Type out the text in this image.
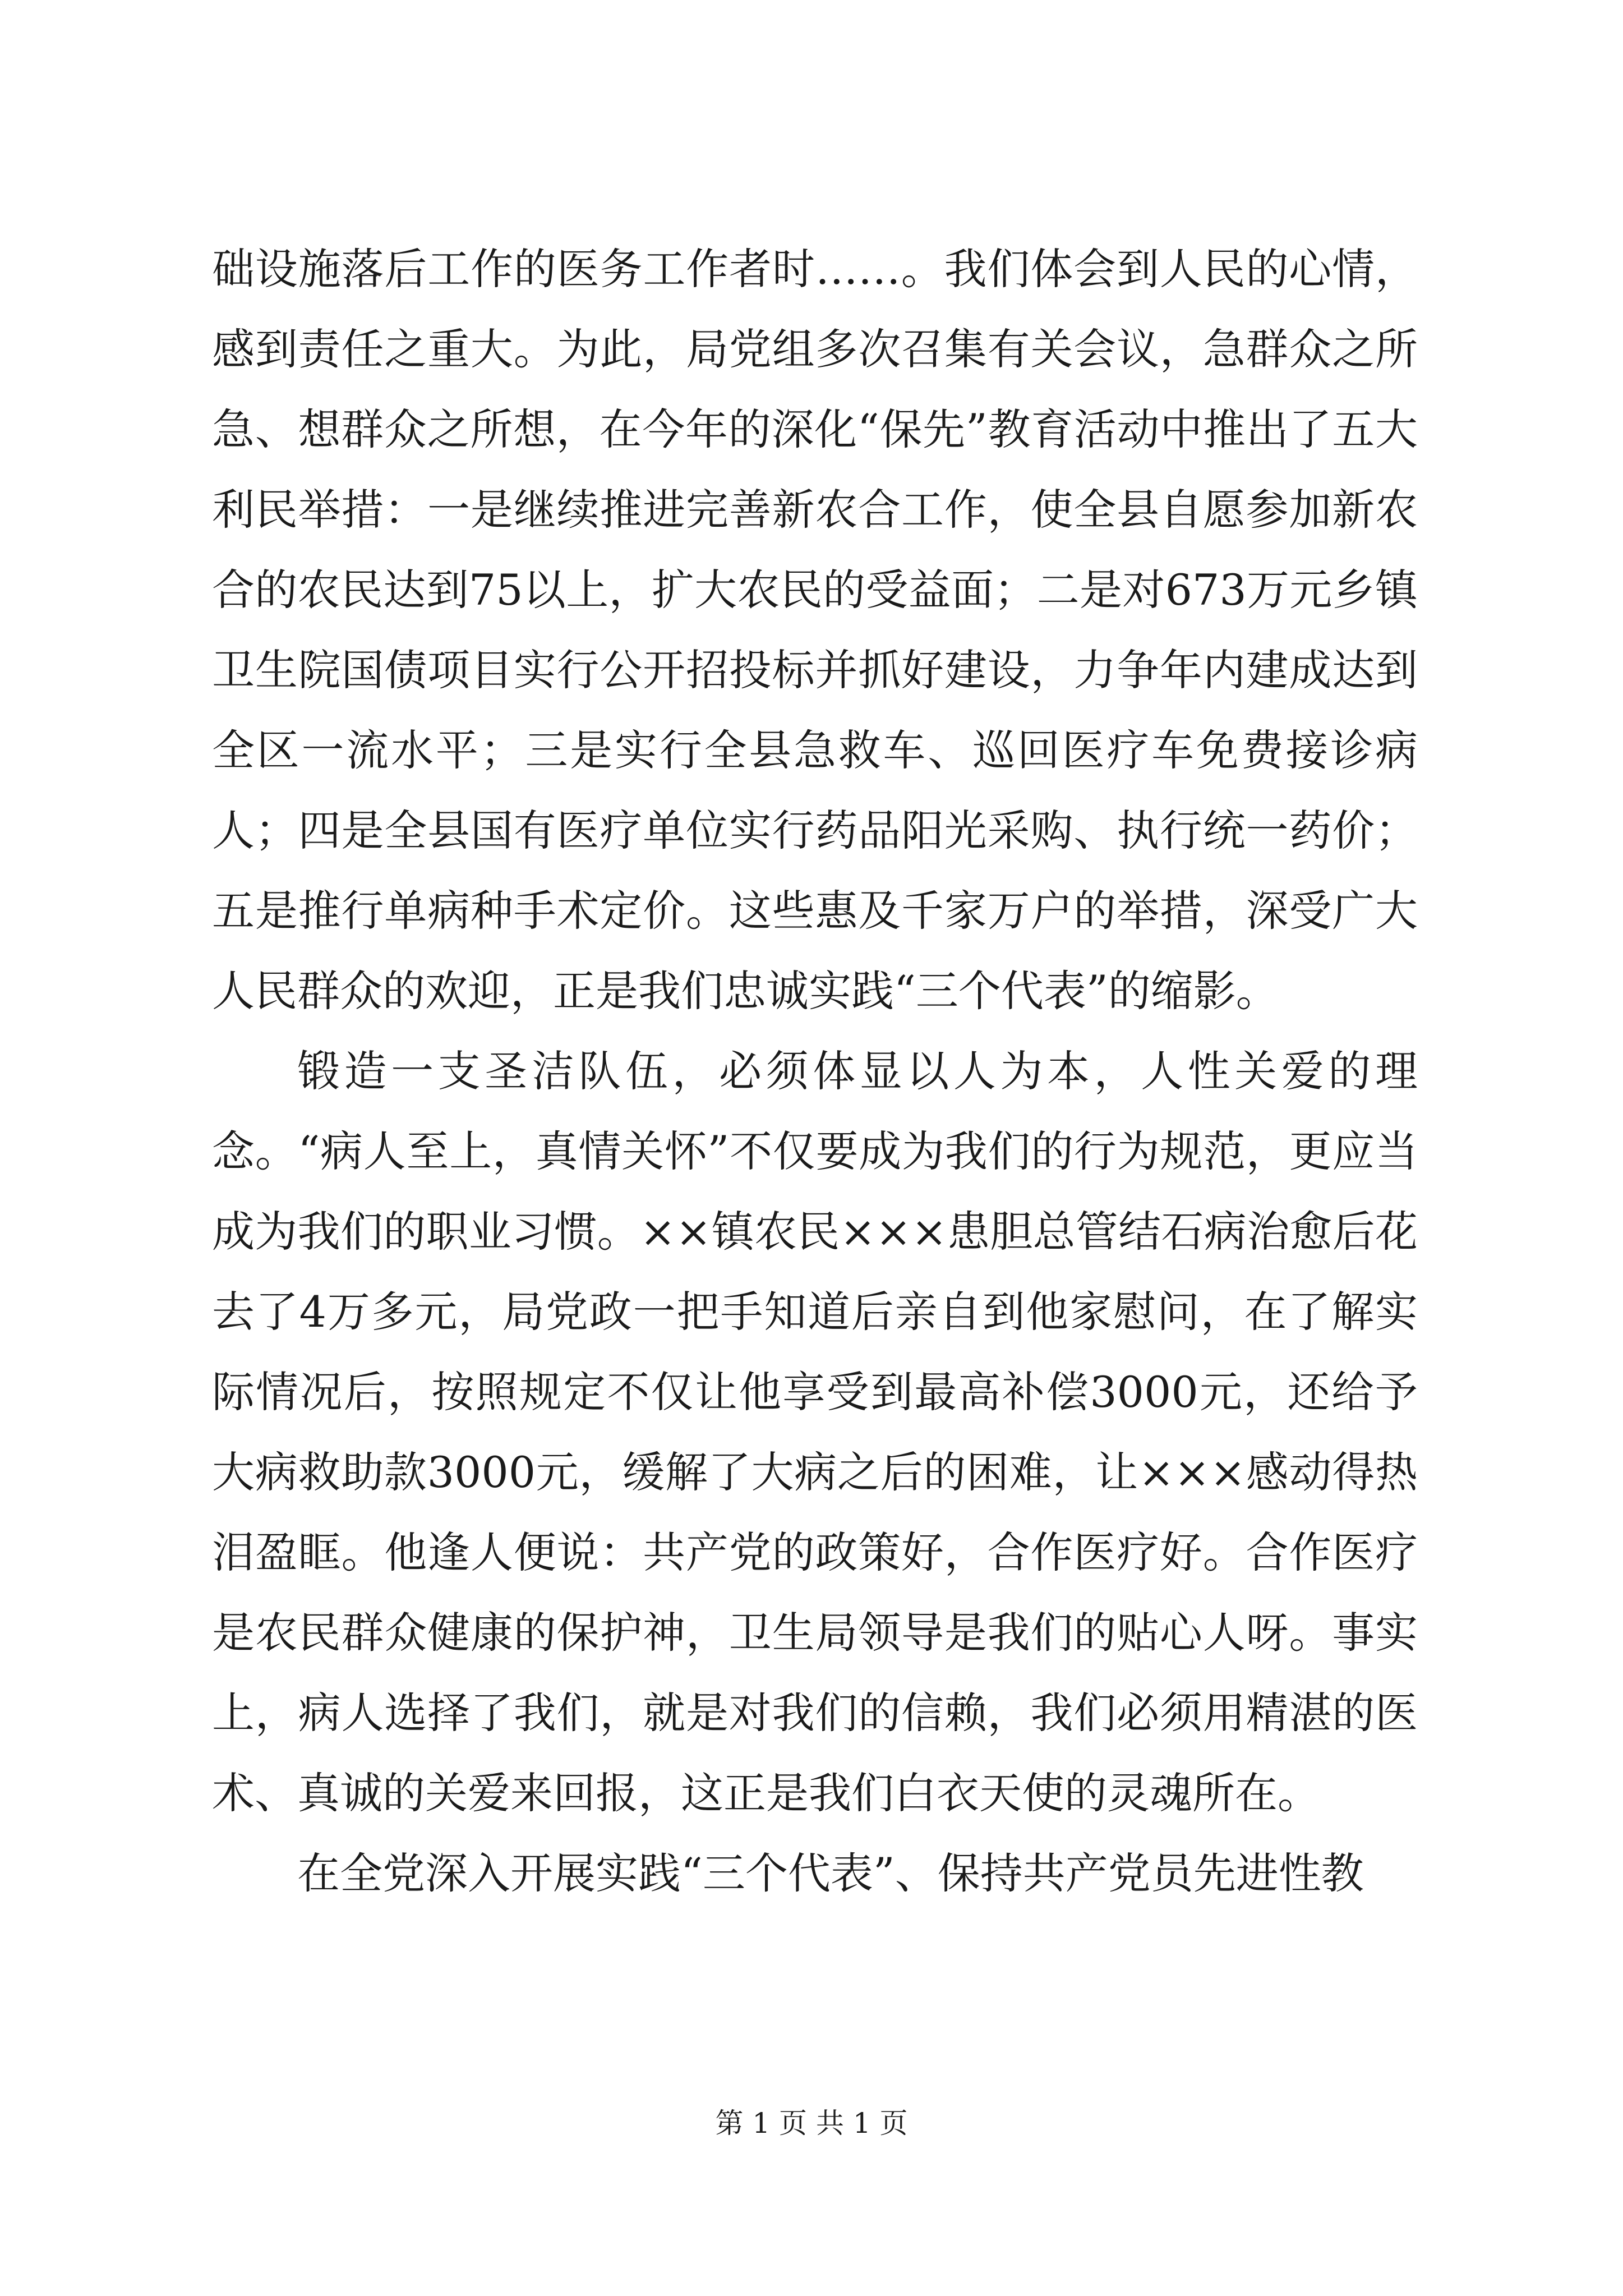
础设施落后工作的医务工作者时……。我们体会到人民的心情，感到责任之重大。为此，局党组多次召集有关会议，急群众之所急、想群众之所想，在今年的深化“保先”教育活动中推出了五大利民举措：一是继续推进完善新农合工作，使全县自愿参加新农合的农民达到75以上，扩大农民的受益面；二是对673万元乡镇卫生院国债项目实行公开招投标并抓好建设，力争年内建成达到全区一流水平；三是实行全县急救车、巡回医疗车免费接诊病人；四是全县国有医疗单位实行药品阳光采购、执行统一药价；五是推行单病种手术定价。这些惠及千家万户的举措，深受广大人民群众的欢迎，正是我们忠诚实践“三个代表”的缩影。

锻造一支圣洁队伍，必须体显以人为本，人性关爱的理念。“病人至上，真情关怀”不仅要成为我们的行为规范，更应当成为我们的职业习惯。××镇农民×××患胆总管结石病治愈后花去了4万多元，局党政一把手知道后亲自到他家慰问，在了解实际情况后，按照规定不仅让他享受到最高补偿3000元，还给予大病救助款3000元，缓解了大病之后的困难，让×××感动得热泪盈眶。他逢人便说：共产党的政策好，合作医疗好。合作医疗是农民群众健康的保护神，卫生局领导是我们的贴心人呀。事实上，病人选择了我们，就是对我们的信赖，我们必须用精湛的医术、真诚的关爱来回报，这正是我们白衣天使的灵魂所在。

在全党深入开展实践“三个代表”、保持共产党员先进性教

第 1 页 共 1 页
